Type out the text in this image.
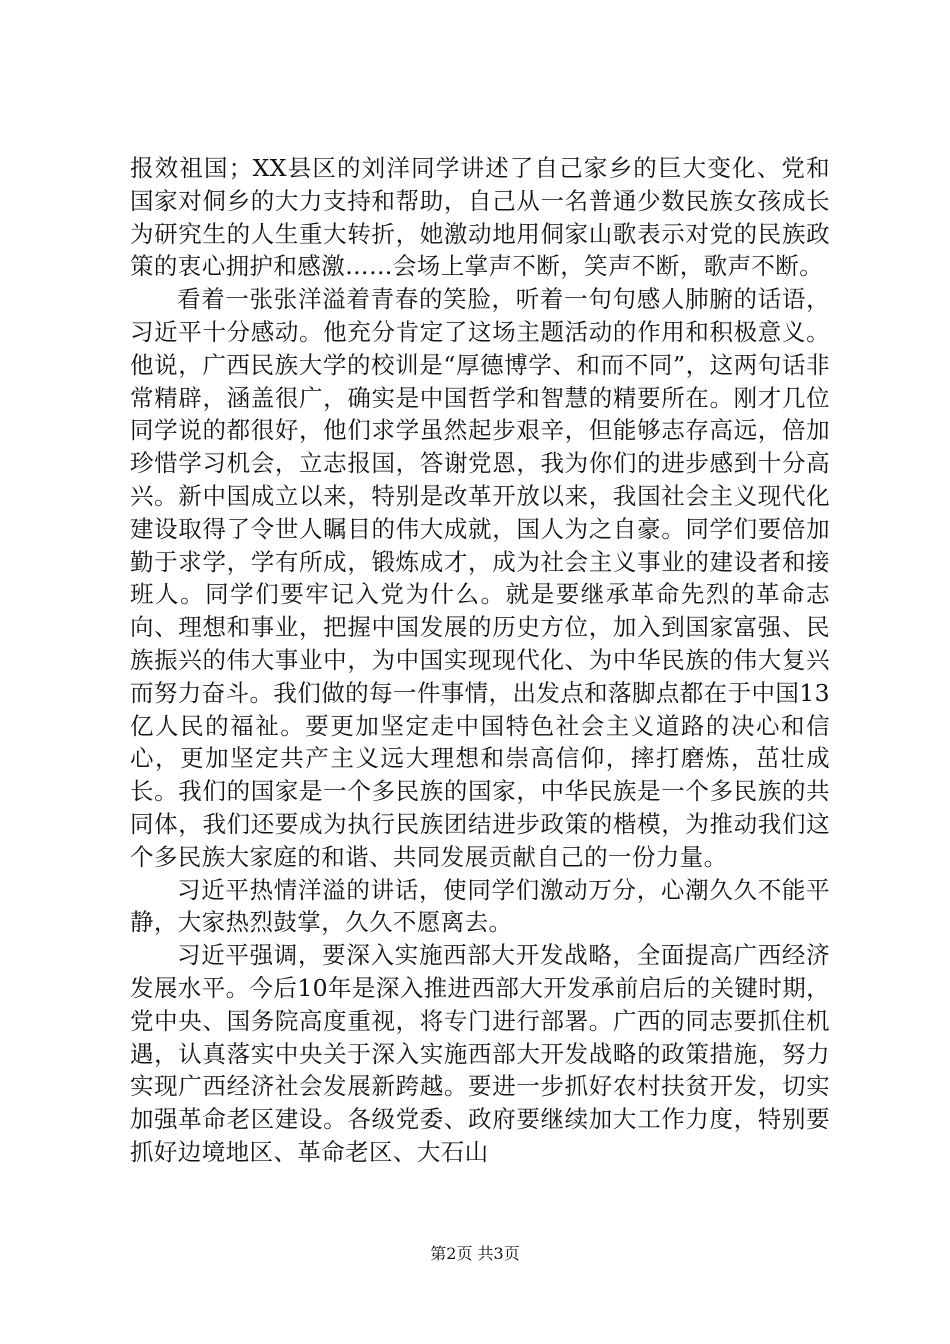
报效祖国；XX县区的刘洋同学讲述了自己家乡的巨大变化、党和国家对侗乡的大力支持和帮助，自己从一名普通少数民族女孩成长为研究生的人生重大转折，她激动地用侗家山歌表示对党的民族政策的衷心拥护和感激……会场上掌声不断，笑声不断，歌声不断。

看着一张张洋溢着青春的笑脸，听着一句句感人肺腑的话语，习近平十分感动。他充分肯定了这场主题活动的作用和积极意义。他说，广西民族大学的校训是“厚德博学、和而不同”，这两句话非常精辟，涵盖很广，确实是中国哲学和智慧的精要所在。刚才几位同学说的都很好，他们求学虽然起步艰辛，但能够志存高远，倍加珍惜学习机会，立志报国，答谢党恩，我为你们的进步感到十分高兴。新中国成立以来，特别是改革开放以来，我国社会主义现代化建设取得了令世人瞩目的伟大成就，国人为之自豪。同学们要倍加勤于求学，学有所成，锻炼成才，成为社会主义事业的建设者和接班人。同学们要牢记入党为什么。就是要继承革命先烈的革命志向、理想和事业，把握中国发展的历史方位，加入到国家富强、民族振兴的伟大事业中，为中国实现现代化、为中华民族的伟大复兴而努力奋斗。我们做的每一件事情，出发点和落脚点都在于中国13亿人民的福祉。要更加坚定走中国特色社会主义道路的决心和信心，更加坚定共产主义远大理想和崇高信仰，摔打磨炼，茁壮成长。我们的国家是一个多民族的国家，中华民族是一个多民族的共同体，我们还要成为执行民族团结进步政策的楷模，为推动我们这个多民族大家庭的和谐、共同发展贡献自己的一份力量。

习近平热情洋溢的讲话，使同学们激动万分，心潮久久不能平静，大家热烈鼓掌，久久不愿离去。

习近平强调，要深入实施西部大开发战略，全面提高广西经济发展水平。今后10年是深入推进西部大开发承前启后的关键时期，党中央、国务院高度重视，将专门进行部署。广西的同志要抓住机遇，认真落实中央关于深入实施西部大开发战略的政策措施，努力实现广西经济社会发展新跨越。要进一步抓好农村扶贫开发，切实加强革命老区建设。各级党委、政府要继续加大工作力度，特别要抓好边境地区、革命老区、大石山

第2页 共3页
